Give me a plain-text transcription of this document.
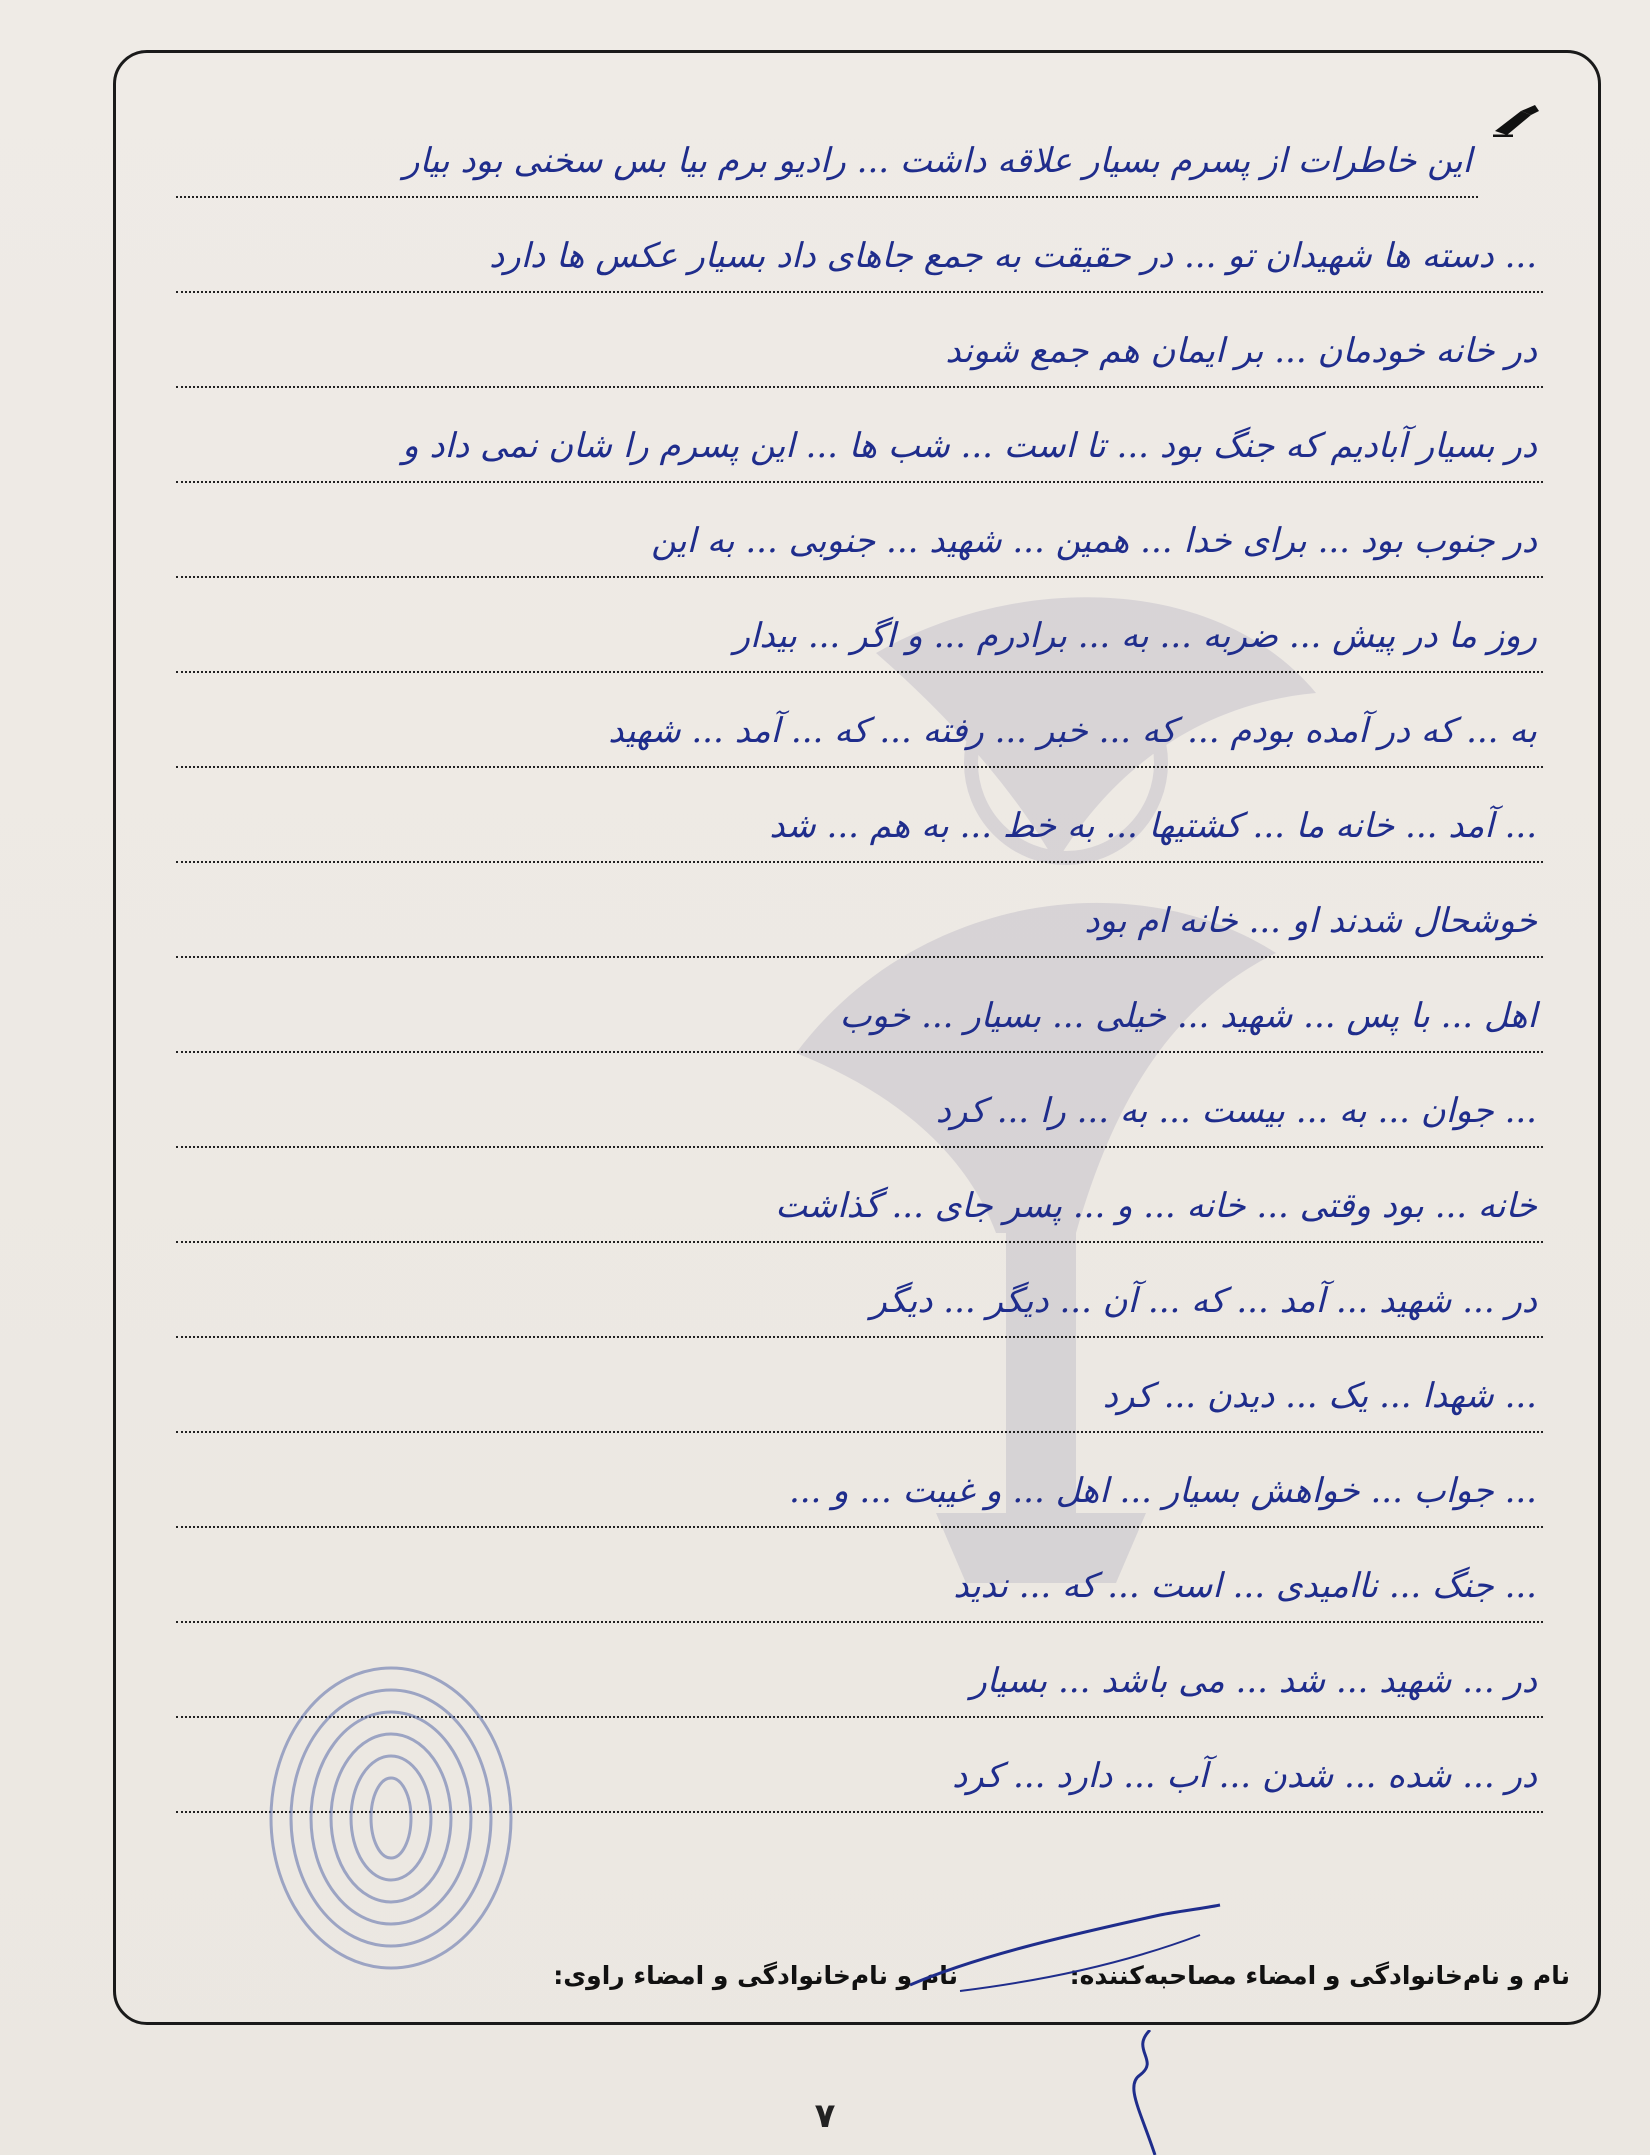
این خاطرات از پسرم بسیار علاقه داشت ... رادیو برم بیا بس سخنی بود بیار
... دسته ها شهیدان تو ... در حقیقت به جمع جاهای داد بسیار عکس ها دارد
در خانه خودمان ... بر ایمان هم جمع شوند
در بسیار آبادیم که جنگ بود ... تا است ... شب ها ... این پسرم را شان نمی داد و
در جنوب بود ... برای خدا ... همین ... شهید ... جنوبی ... به این
روز ما در پیش ... ضربه ... به ... برادرم ... و اگر ... بیدار
به ... که در آمده بودم ... که ... خبر ... رفته ... که ... آمد ... شهید
... آمد ... خانه ما ... کشتیها ... به خط ... به هم ... شد
خوشحال شدند او ... خانه ام بود
اهل ... با پس ... شهید ... خیلی ... بسیار ... خوب
... جوان ... به ... بیست ... به ... را ... کرد
خانه ... بود وقتی ... خانه ... و ... پسر جای ... گذاشت
در ... شهید ... آمد ... که ... آن ... دیگر ... دیگر
... شهدا ... یک ... دیدن ... کرد
... جواب ... خواهش بسیار ... اهل ... و غیبت ... و ...
... جنگ ... ناامیدی ... است ... که ... ندید
در ... شهید ... شد ... می باشد ... بسیار
در ... شده ... شدن ... آب ... دارد ... کرد
نام و نام‌خانوادگی و امضاء مصاحبه‌کننده:
نام و نام‌خانوادگی و امضاء راوی:
۷
